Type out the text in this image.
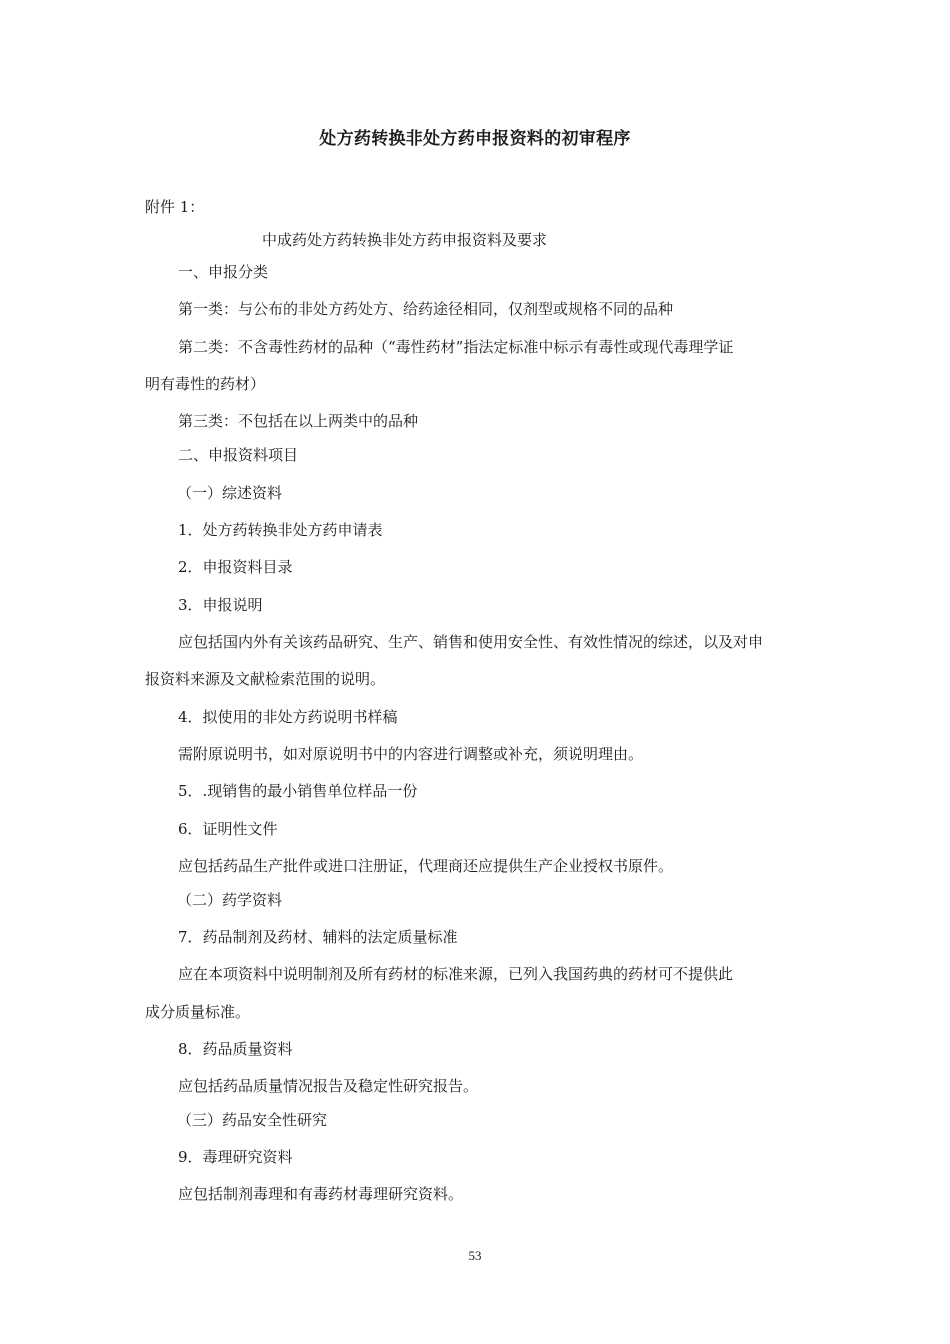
处方药转换非处方药申报资料的初审程序
附件 1：
中成药处方药转换非处方药申报资料及要求
一、申报分类
第一类：与公布的非处方药处方、给药途径相同，仅剂型或规格不同的品种
第二类：不含毒性药材的品种（“毒性药材”指法定标准中标示有毒性或现代毒理学证
明有毒性的药材）
第三类：不包括在以上两类中的品种
二、申报资料项目
（一）综述资料
1．处方药转换非处方药申请表
2．申报资料目录
3．申报说明
应包括国内外有关该药品研究、生产、销售和使用安全性、有效性情况的综述，以及对申
报资料来源及文献检索范围的说明。
4．拟使用的非处方药说明书样稿
需附原说明书，如对原说明书中的内容进行调整或补充，须说明理由。
5．.现销售的最小销售单位样品一份
6．证明性文件
应包括药品生产批件或进口注册证，代理商还应提供生产企业授权书原件。
（二）药学资料
7．药品制剂及药材、辅料的法定质量标准
应在本项资料中说明制剂及所有药材的标准来源，已列入我国药典的药材可不提供此
成分质量标准。
8．药品质量资料
应包括药品质量情况报告及稳定性研究报告。
（三）药品安全性研究
9．毒理研究资料
应包括制剂毒理和有毒药材毒理研究资料。
53
